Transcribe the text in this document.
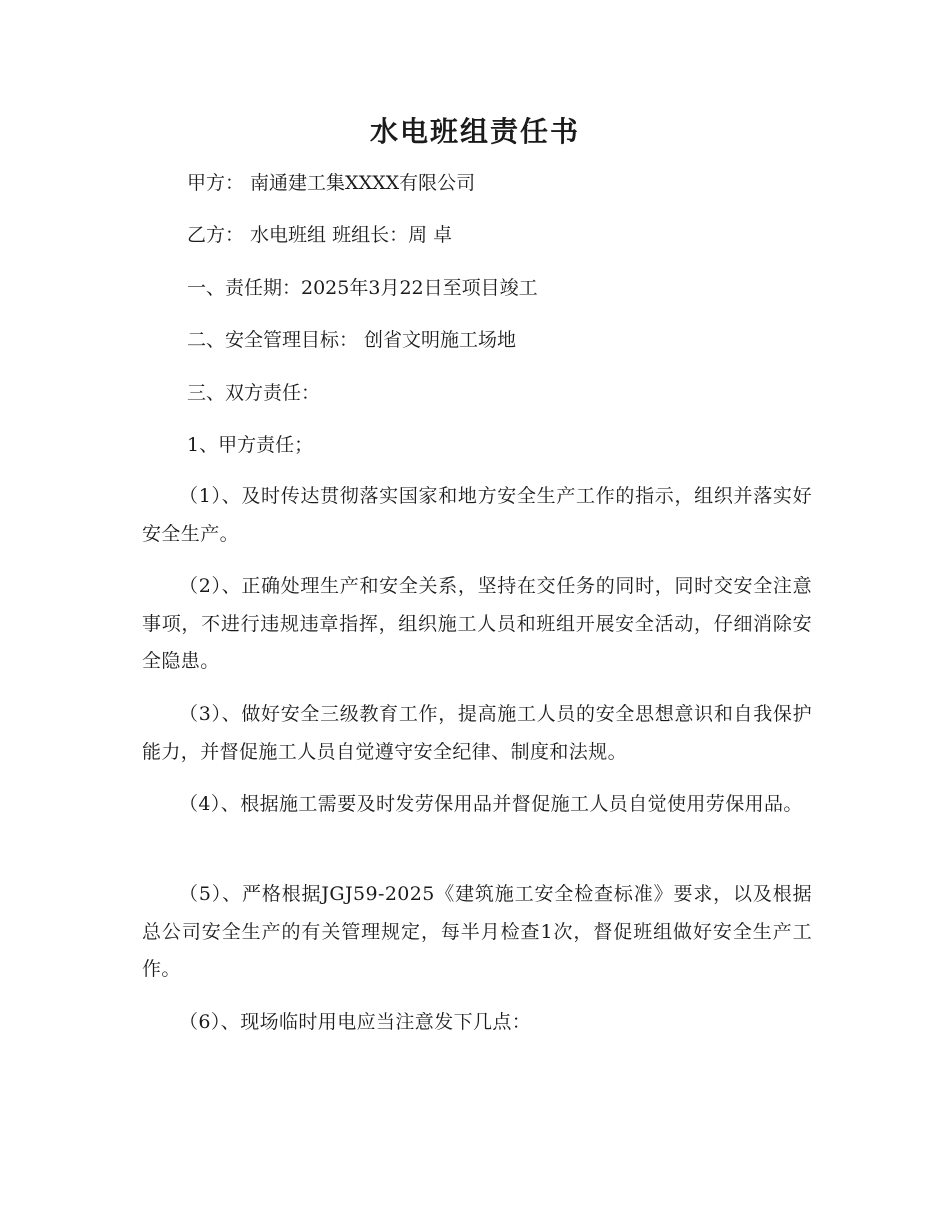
水电班组责任书
甲方： 南通建工集XXXX有限公司
乙方： 水电班组 班组长：周 卓
一、责任期：2025年3月22日至项目竣工
二、安全管理目标： 创省文明施工场地
三、双方责任：
1、甲方责任；
（1）、及时传达贯彻落实国家和地方安全生产工作的指示，组织并落实好安全生产。
（2）、正确处理生产和安全关系，坚持在交任务的同时，同时交安全注意事项，不进行违规违章指挥，组织施工人员和班组开展安全活动，仔细消除安全隐患。
（3）、做好安全三级教育工作，提高施工人员的安全思想意识和自我保护能力，并督促施工人员自觉遵守安全纪律、制度和法规。
（4）、根据施工需要及时发劳保用品并督促施工人员自觉使用劳保用品。
（5）、严格根据JGJ59-2025《建筑施工安全检查标准》要求，以及根据总公司安全生产的有关管理规定，每半月检查1次，督促班组做好安全生产工作。
（6）、现场临时用电应当注意发下几点：
